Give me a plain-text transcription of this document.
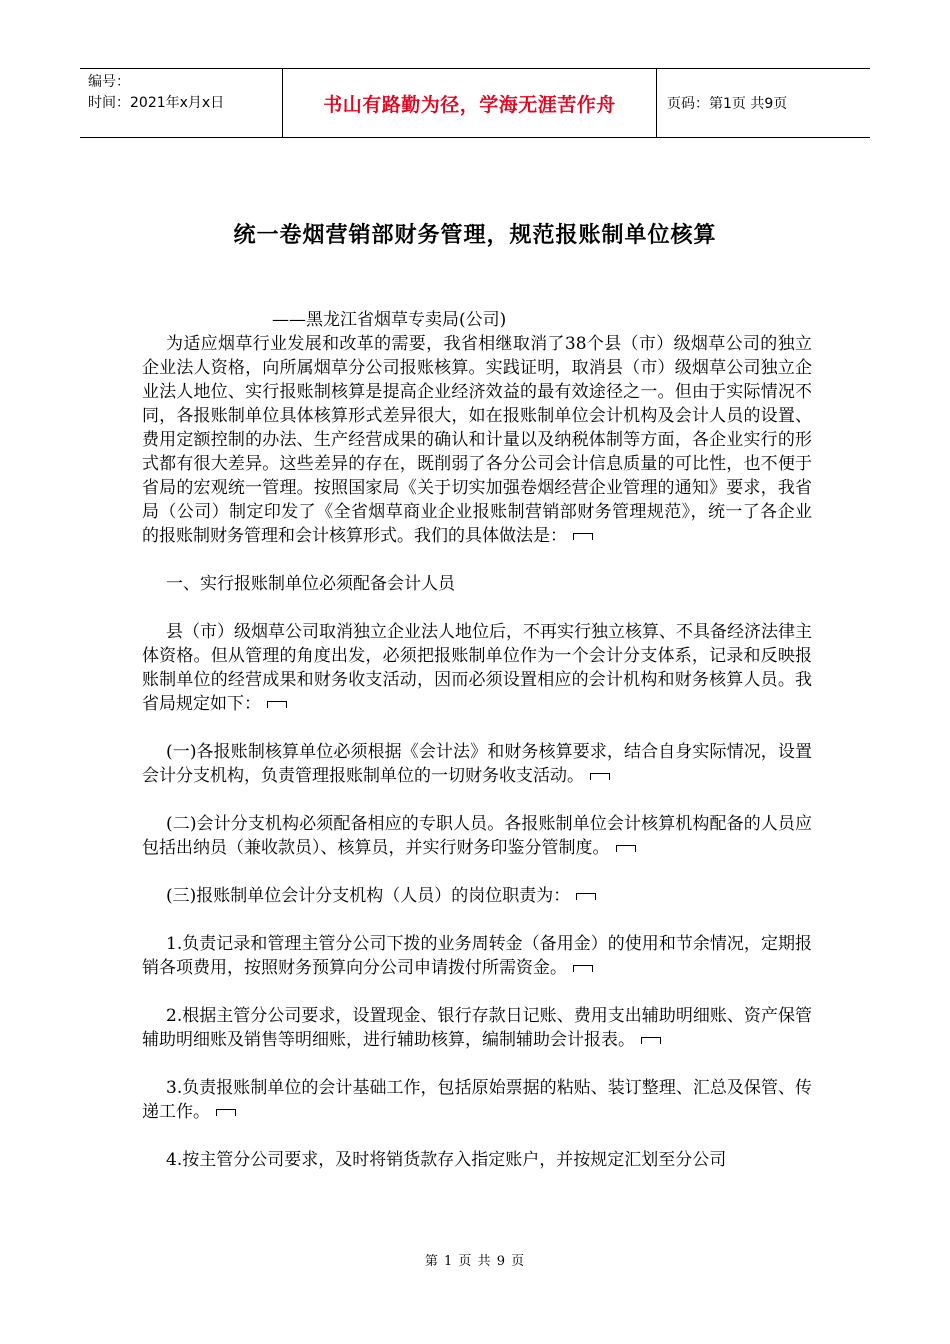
编号：
时间：2021年x月x日	书山有路勤为径，学海无涯苦作舟	页码：第1页 共9页
统一卷烟营销部财务管理，规范报账制单位核算

——黑龙江省烟草专卖局(公司)

为适应烟草行业发展和改革的需要，我省相继取消了38个县（市）级烟草公司的独立企业法人资格，向所属烟草分公司报账核算。实践证明，取消县（市）级烟草公司独立企业法人地位、实行报账制核算是提高企业经济效益的最有效途径之一。但由于实际情况不同，各报账制单位具体核算形式差异很大，如在报账制单位会计机构及会计人员的设置、费用定额控制的办法、生产经营成果的确认和计量以及纳税体制等方面，各企业实行的形式都有很大差异。这些差异的存在，既削弱了各分公司会计信息质量的可比性，也不便于省局的宏观统一管理。按照国家局《关于切实加强卷烟经营企业管理的通知》要求，我省局（公司）制定印发了《全省烟草商业企业报账制营销部财务管理规范》，统一了各企业的报账制财务管理和会计核算形式。我们的具体做法是：

一、实行报账制单位必须配备会计人员

县（市）级烟草公司取消独立企业法人地位后，不再实行独立核算、不具备经济法律主体资格。但从管理的角度出发，必须把报账制单位作为一个会计分支体系，记录和反映报账制单位的经营成果和财务收支活动，因而必须设置相应的会计机构和财务核算人员。我省局规定如下：

(一)各报账制核算单位必须根据《会计法》和财务核算要求，结合自身实际情况，设置会计分支机构，负责管理报账制单位的一切财务收支活动。

(二)会计分支机构必须配备相应的专职人员。各报账制单位会计核算机构配备的人员应包括出纳员（兼收款员）、核算员，并实行财务印鉴分管制度。

(三)报账制单位会计分支机构（人员）的岗位职责为：

1.负责记录和管理主管分公司下拨的业务周转金（备用金）的使用和节余情况，定期报销各项费用，按照财务预算向分公司申请拨付所需资金。

2.根据主管分公司要求，设置现金、银行存款日记账、费用支出辅助明细账、资产保管辅助明细账及销售等明细账，进行辅助核算，编制辅助会计报表。

3.负责报账制单位的会计基础工作，包括原始票据的粘贴、装订整理、汇总及保管、传递工作。

4.按主管分公司要求，及时将销货款存入指定账户，并按规定汇划至分公司

第 1 页 共 9 页
